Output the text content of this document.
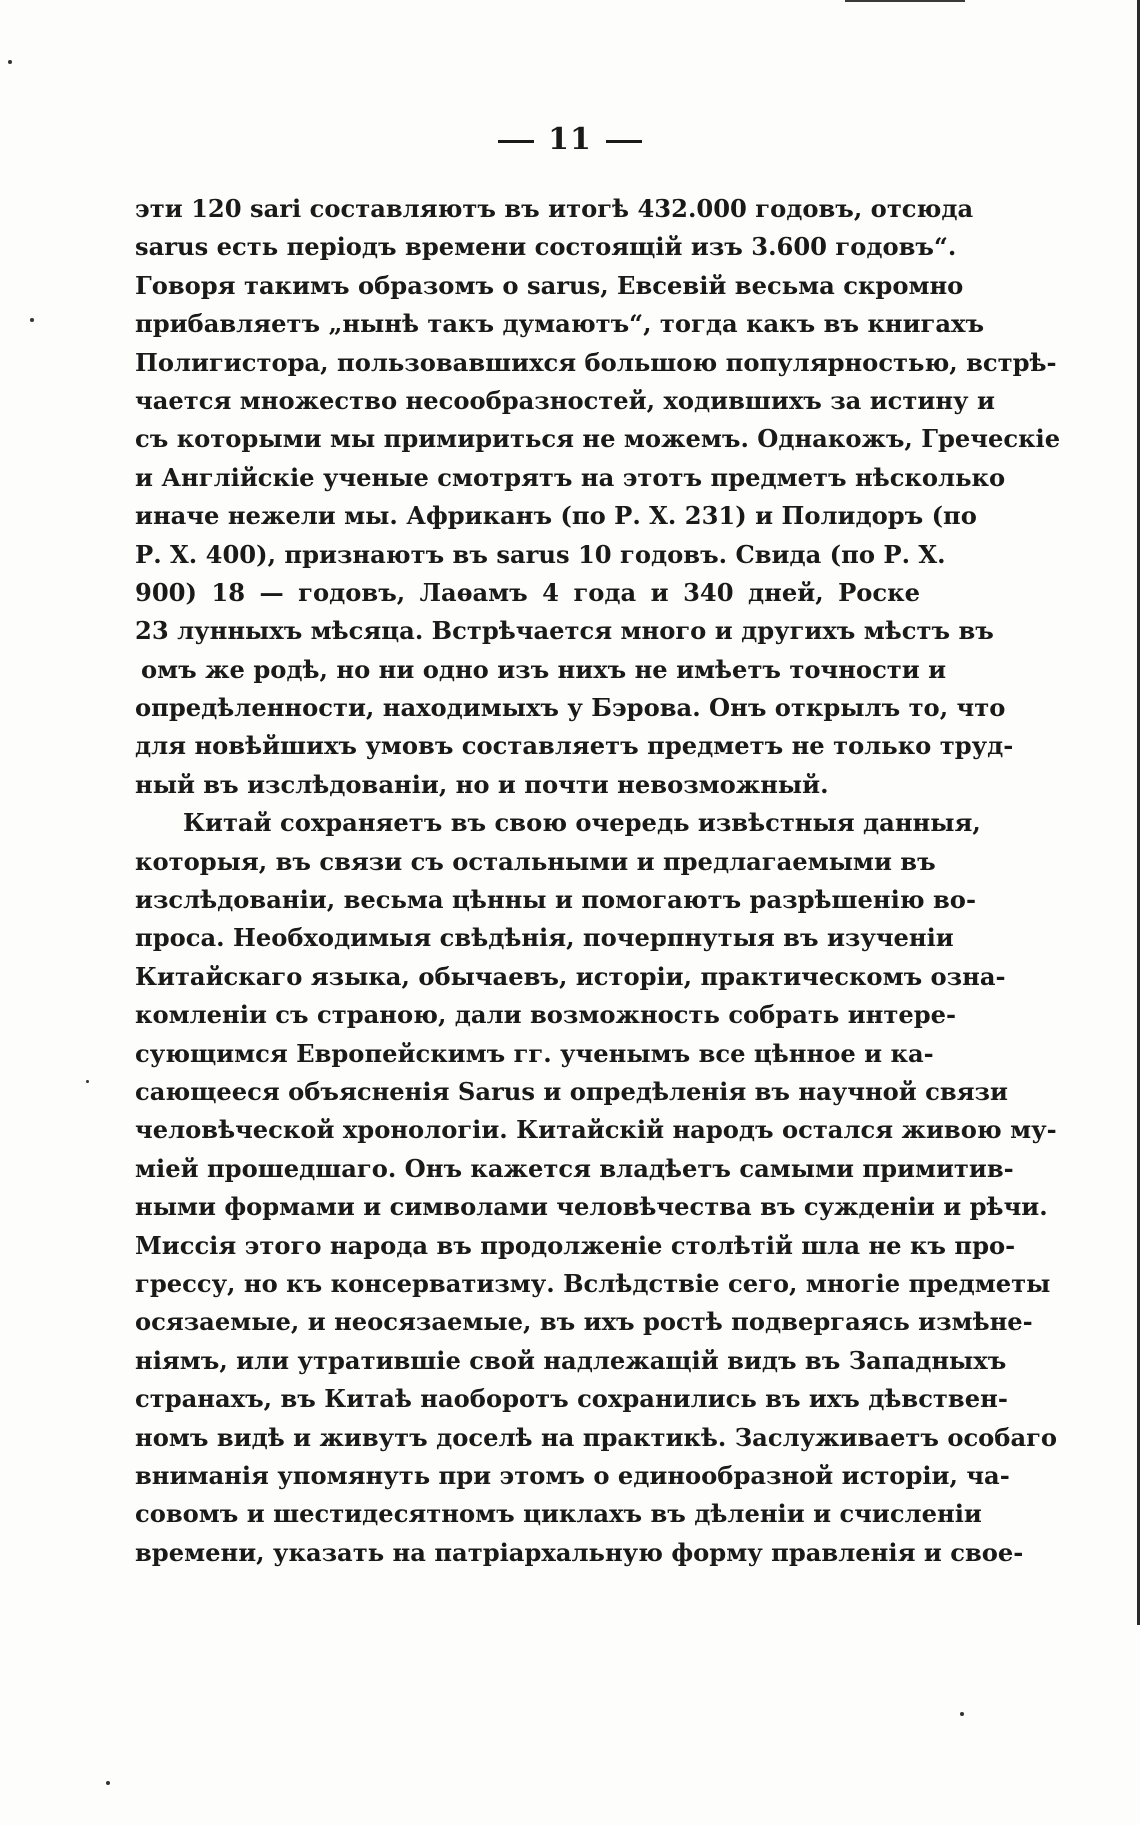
11
эти 120 sarі составляютъ въ итогѣ 432.000 годовъ, отсюда
sarus есть періодъ времени состоящій изъ 3.600 годовъ“.
Говоря такимъ образомъ о sarus, Евсевій весьма скромно
прибавляетъ „нынѣ такъ думаютъ“, тогда какъ въ книгахъ
Полигистора, пользовавшихся большою популярностью, встрѣ-
чается множество несообразностей, ходившихъ за истину и
съ которыми мы примириться не можемъ. Однакожъ, Греческіе
и Англійскіе ученые смотрятъ на этотъ предметъ нѣсколько
иначе нежели мы. Африканъ (по Р. Х. 231) и Полидоръ (по
Р. Х. 400), признаютъ въ sarus 10 годовъ. Свида (по Р. Х.
900) 18 — годовъ, Лаѳамъ 4 года и 340 дней, Роске
23 лунныхъ мѣсяца. Встрѣчается много и другихъ мѣстъ въ
омъ же родѣ, но ни одно изъ нихъ не имѣетъ точности и
опредѣленности, находимыхъ у Бэрова. Онъ открылъ то, что
для новѣйшихъ умовъ составляетъ предметъ не только труд-
ный въ изслѣдованіи, но и почти невозможный.
Китай сохраняетъ въ свою очередь извѣстныя данныя,
которыя, въ связи съ остальными и предлагаемыми въ
изслѣдованіи, весьма цѣнны и помогаютъ разрѣшенію во-
проса. Необходимыя свѣдѣнія, почерпнутыя въ изученіи
Китайскаго языка, обычаевъ, исторіи, практическомъ озна-
комленіи съ страною, дали возможность собрать интере-
сующимся Европейскимъ гг. ученымъ все цѣнное и ка-
сающееся объясненія Sarus и опредѣленія въ научной связи
человѣческой хронологіи. Китайскій народъ остался живою му-
міей прошедшаго. Онъ кажется владѣетъ самыми примитив-
ными формами и символами человѣчества въ сужденіи и рѣчи.
Миссія этого народа въ продолженіе столѣтій шла не къ про-
грессу, но къ консерватизму. Вслѣдствіе сего, многіе предметы
осязаемые, и неосязаемые, въ ихъ ростѣ подвергаясь измѣне-
ніямъ, или утратившіе свой надлежащій видъ въ Западныхъ
странахъ, въ Китаѣ наоборотъ сохранились въ ихъ дѣвствен-
номъ видѣ и живутъ доселѣ на практикѣ. Заслуживаетъ особаго
вниманія упомянуть при этомъ о единообразной исторіи, ча-
совомъ и шестидесятномъ циклахъ въ дѣленіи и счисленіи
времени, указать на патріархальную форму правленія и свое-
